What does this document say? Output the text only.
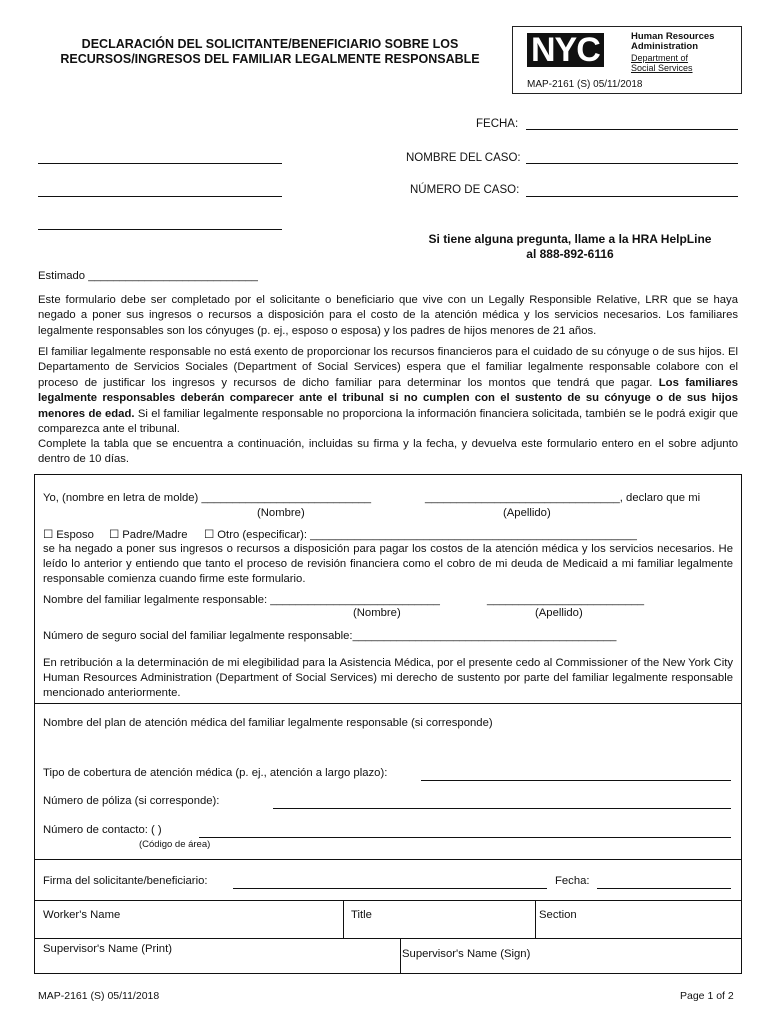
DECLARACIÓN DEL SOLICITANTE/BENEFICIARIO SOBRE LOS RECURSOS/INGRESOS DEL FAMILIAR LEGALMENTE RESPONSABLE	NYC	Human Resources
Administration
Department of
Social Services
MAP-2161 (S) 05/11/2018
FECHA:
NOMBRE DEL CASO:
NÚMERO DE CASO:
Si tiene alguna pregunta, llame a la HRA HelpLine
al 888-892-6116
Estimado ___________________________
Este formulario debe ser completado por el solicitante o beneficiario que vive con un Legally Responsible Relative, LRR que se haya negado a poner sus ingresos o recursos a disposición para el costo de la atención médica y los servicios necesarios. Los familiares legalmente responsables son los cónyuges (p. ej., esposo o esposa) y los padres de hijos menores de 21 años.
El familiar legalmente responsable no está exento de proporcionar los recursos financieros para el cuidado de su cónyuge o de sus hijos. El Departamento de Servicios Sociales (Department of Social Services) espera que el familiar legalmente responsable colabore con el proceso de justificar los ingresos y recursos de dicho familiar para determinar los montos que tendrá que pagar. Los familiares legalmente responsables deberán comparecer ante el tribunal si no cumplen con el sustento de su cónyuge o de sus hijos menores de edad. Si el familiar legalmente responsable no proporciona la información financiera solicitada, también se le podrá exigir que comparezca ante el tribunal.
Complete la tabla que se encuentra a continuación, incluidas su firma y la fecha, y devuelva este formulario entero en el sobre adjunto dentro de 10 días.
Yo, (nombre en letra de molde) ___________________________	_______________________________, declaro que mi
(Nombre)	(Apellido)
☐ Esposo ☐ Padre/Madre ☐ Otro (especificar): ____________________________________________________
se ha negado a poner sus ingresos o recursos a disposición para pagar los costos de la atención médica y los servicios necesarios. He leído lo anterior y entiendo que tanto el proceso de revisión financiera como el cobro de mi deuda de Medicaid a mi familiar legalmente responsable comienza cuando firme este formulario.
Nombre del familiar legalmente responsable: ___________________________	_________________________
(Nombre)	(Apellido)
Número de seguro social del familiar legalmente responsable:__________________________________________
En retribución a la determinación de mi elegibilidad para la Asistencia Médica, por el presente cedo al Commissioner of the New York City Human Resources Administration (Department of Social Services) mi derecho de sustento por parte del familiar legalmente responsable mencionado anteriormente.
Nombre del plan de atención médica del familiar legalmente responsable (si corresponde)
Tipo de cobertura de atención médica (p. ej., atención a largo plazo):
Número de póliza (si corresponde):
Número de contacto: ( )
(Código de área)
Firma del solicitante/beneficiario:	Fecha:
Worker's Name	Title	Section
Supervisor's Name (Print)	Supervisor's Name (Sign)
MAP-2161 (S) 05/11/2018	Page 1 of 2
